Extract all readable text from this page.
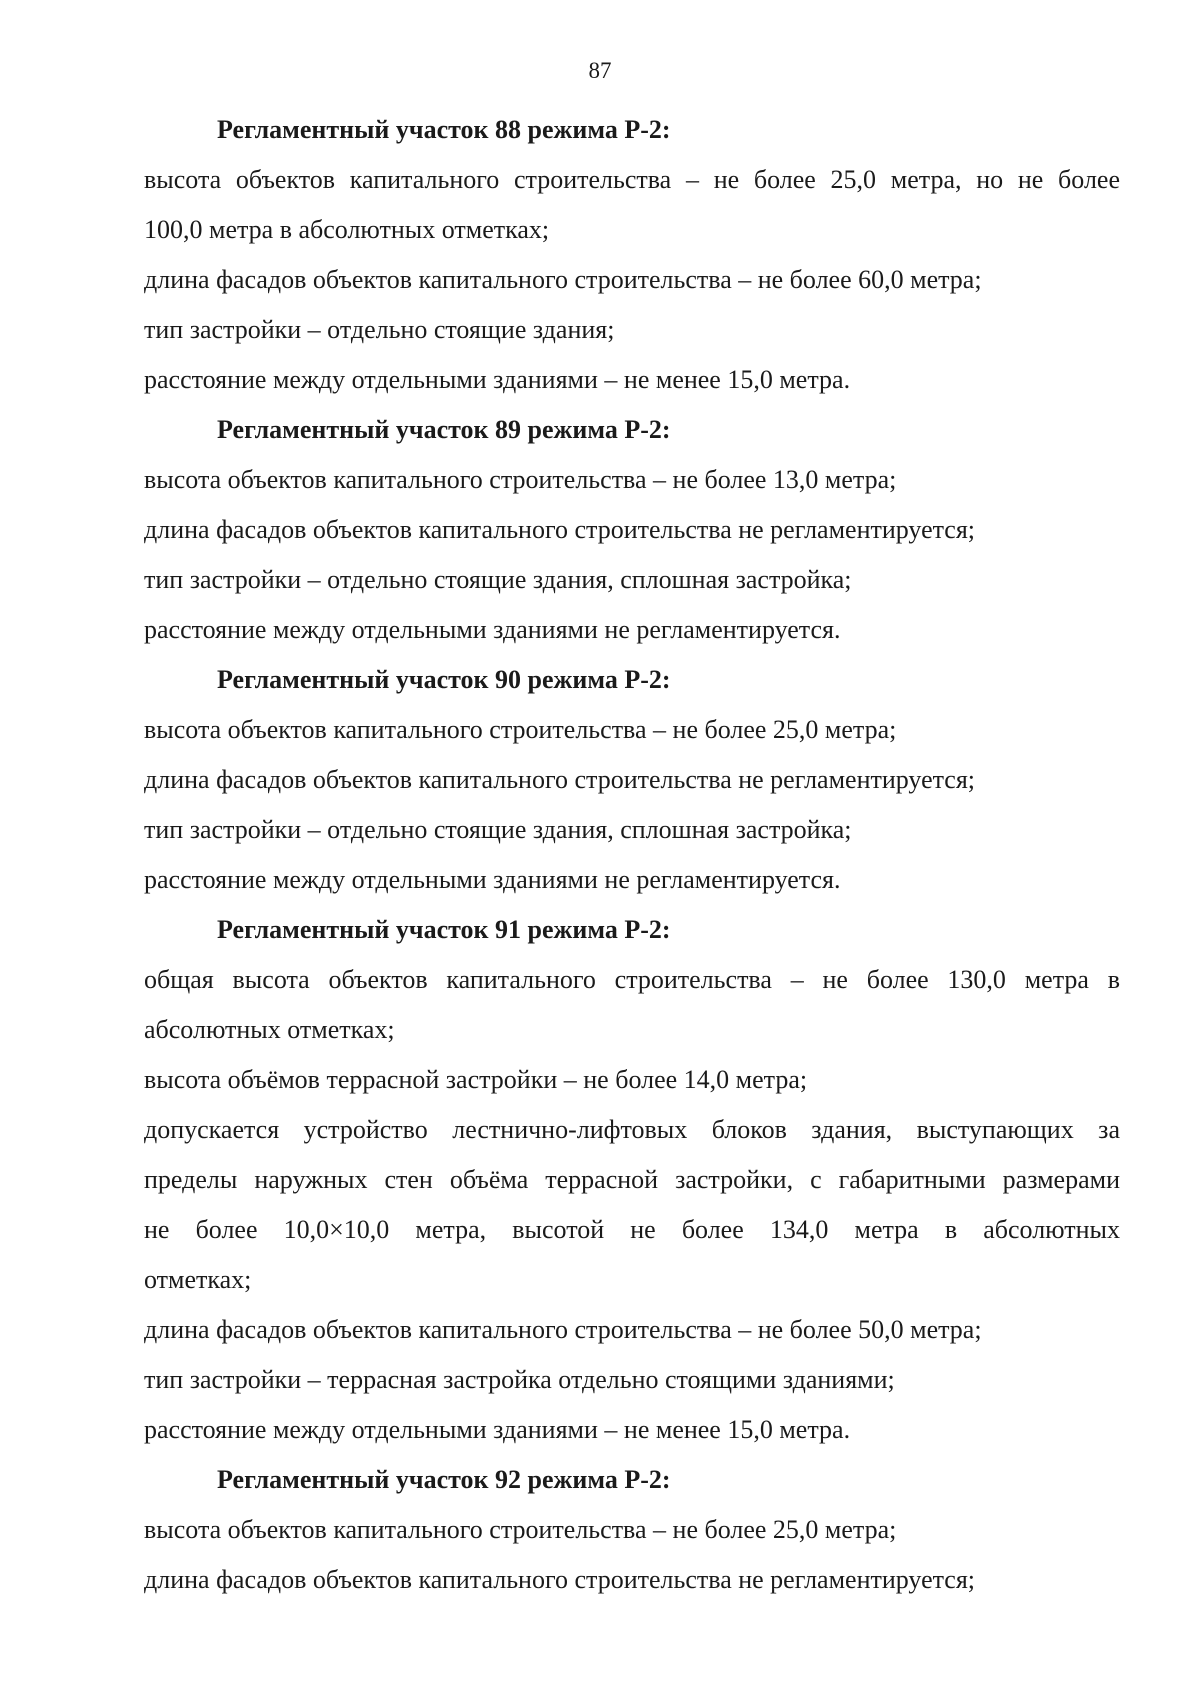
87
Регламентный участок 88 режима Р-2:
высота объектов капитального строительства – не более 25,0 метра, но не более
100,0 метра в абсолютных отметках;
длина фасадов объектов капитального строительства – не более 60,0 метра;
тип застройки – отдельно стоящие здания;
расстояние между отдельными зданиями – не менее 15,0 метра.
Регламентный участок 89 режима Р-2:
высота объектов капитального строительства – не более 13,0 метра;
длина фасадов объектов капитального строительства не регламентируется;
тип застройки – отдельно стоящие здания, сплошная застройка;
расстояние между отдельными зданиями не регламентируется.
Регламентный участок 90 режима Р-2:
высота объектов капитального строительства – не более 25,0 метра;
длина фасадов объектов капитального строительства не регламентируется;
тип застройки – отдельно стоящие здания, сплошная застройка;
расстояние между отдельными зданиями не регламентируется.
Регламентный участок 91 режима Р-2:
общая высота объектов капитального строительства – не более 130,0 метра в
абсолютных отметках;
высота объёмов террасной застройки – не более 14,0 метра;
допускается устройство лестнично-лифтовых блоков здания, выступающих за
пределы наружных стен объёма террасной застройки, с габаритными размерами
не более 10,0×10,0 метра, высотой не более 134,0 метра в абсолютных
отметках;
длина фасадов объектов капитального строительства – не более 50,0 метра;
тип застройки – террасная застройка отдельно стоящими зданиями;
расстояние между отдельными зданиями – не менее 15,0 метра.
Регламентный участок 92 режима Р-2:
высота объектов капитального строительства – не более 25,0 метра;
длина фасадов объектов капитального строительства не регламентируется;
